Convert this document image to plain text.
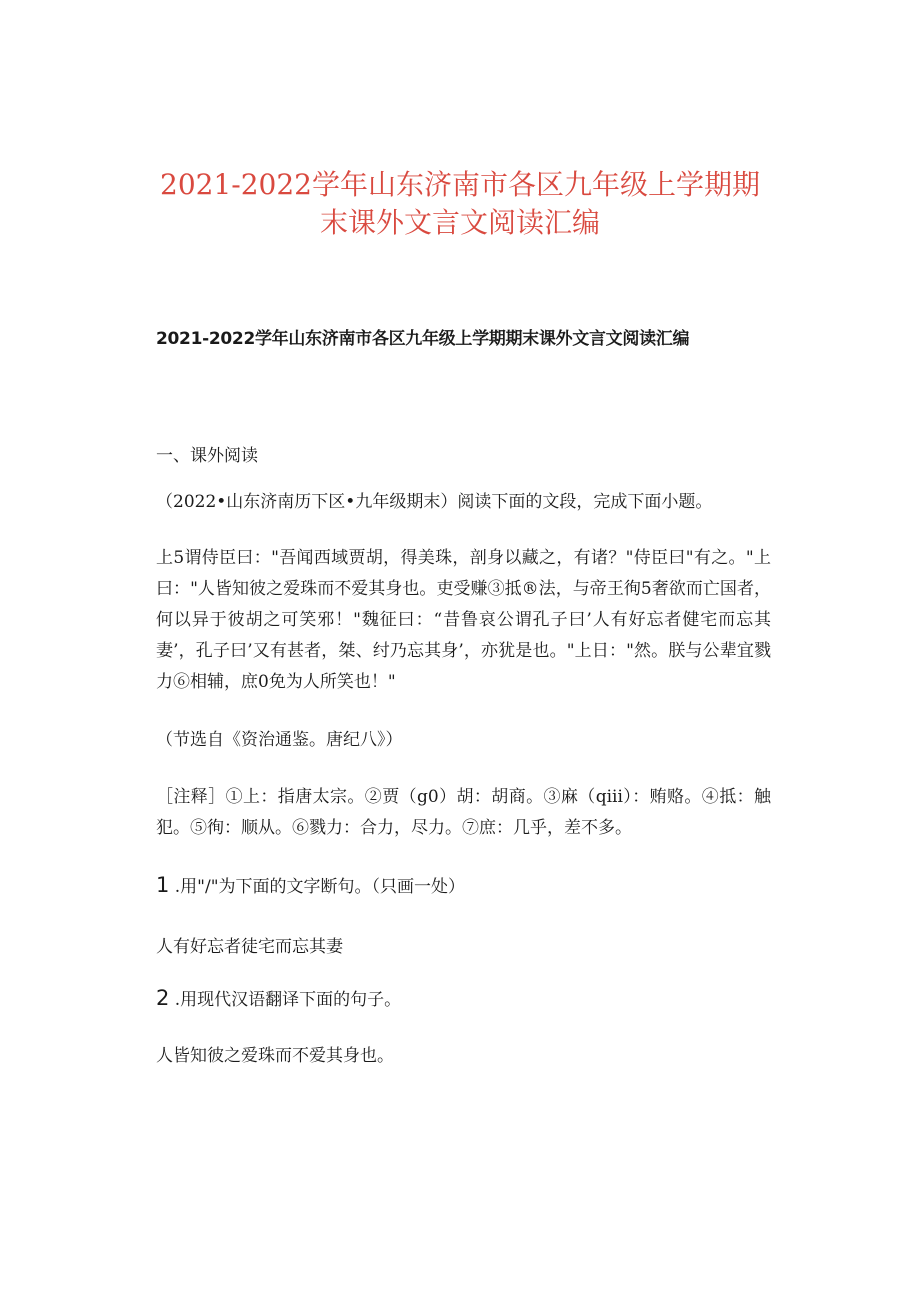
2021-2022学年山东济南市各区九年级上学期期
末课外文言文阅读汇编
2021-2022学年山东济南市各区九年级上学期期末课外文言文阅读汇编
一、课外阅读
（2022•山东济南历下区•九年级期末）阅读下面的文段，完成下面小题。
上5谓侍臣曰："吾闻西域贾胡，得美珠，剖身以藏之，有诸？"侍臣曰"有之。"上曰："人皆知彼之爱珠而不爱其身也。吏受赚③抵®法，与帝王徇5奢欲而亡国者，何以异于彼胡之可笑邪！"魏征曰：“昔鲁哀公谓孔子曰’人有好忘者健宅而忘其妻’，孔子曰’又有甚者，桀、纣乃忘其身’，亦犹是也。"上日："然。朕与公辈宜戮力⑥相辅，庶0免为人所笑也！"
（节选自《资治通鉴。唐纪八》）
［注释］①上：指唐太宗。②贾（g0）胡：胡商。③麻（qiii）：贿赂。④抵：触犯。⑤徇：顺从。⑥戮力：合力，尽力。⑦庶：几乎，差不多。
1 .用"/"为下面的文字断句。（只画一处）
人有好忘者徒宅而忘其妻
2 .用现代汉语翻译下面的句子。
人皆知彼之爱珠而不爱其身也。
